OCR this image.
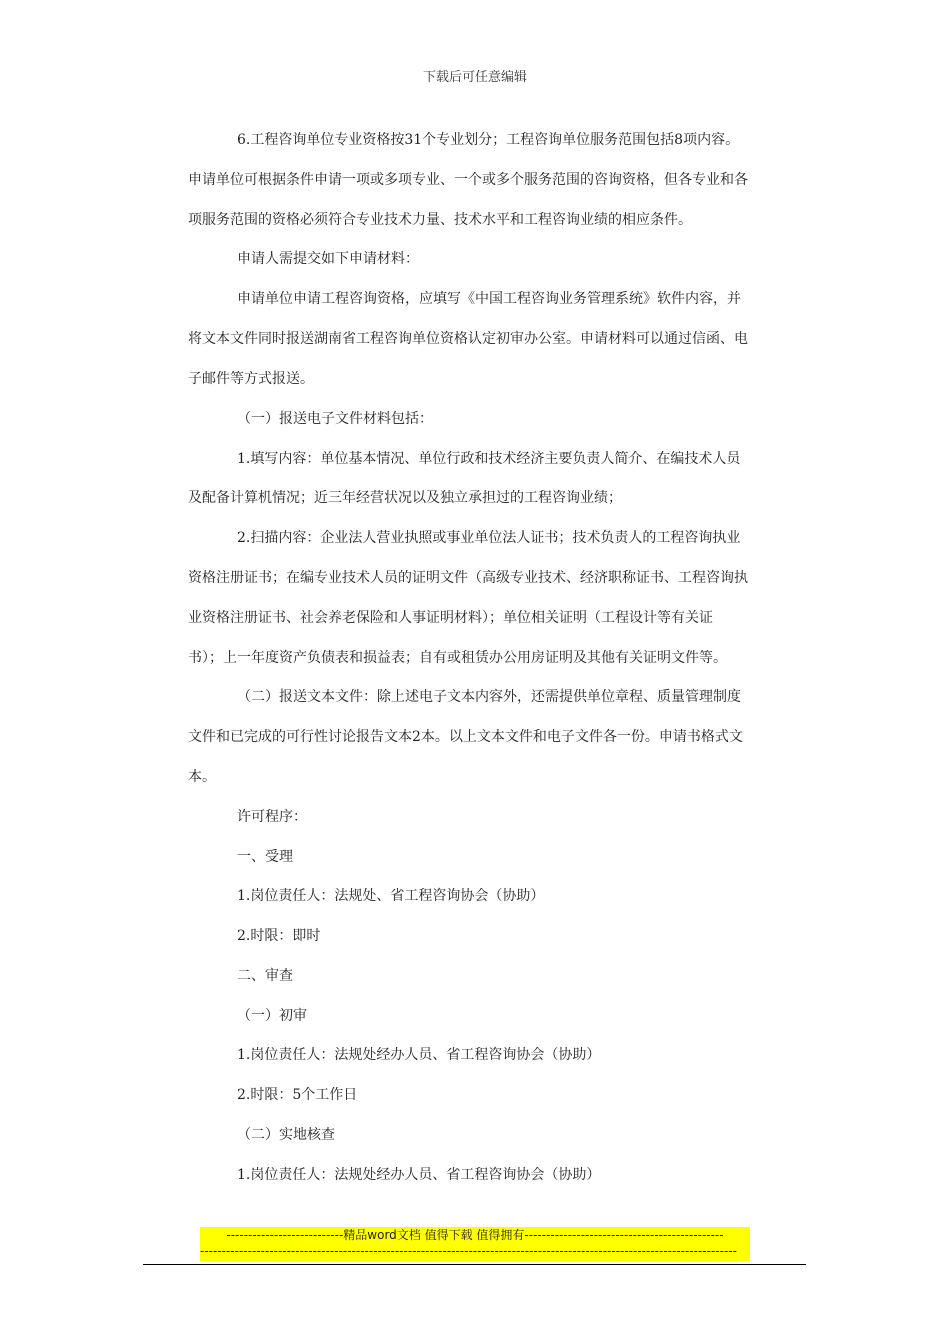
下载后可任意编辑
6.工程咨询单位专业资格按31个专业划分；工程咨询单位服务范围包括8项内容。
申请单位可根据条件申请一项或多项专业、一个或多个服务范围的咨询资格，但各专业和各
项服务范围的资格必须符合专业技术力量、技术水平和工程咨询业绩的相应条件。
申请人需提交如下申请材料：
申请单位申请工程咨询资格，应填写《中国工程咨询业务管理系统》软件内容，并
将文本文件同时报送湖南省工程咨询单位资格认定初审办公室。申请材料可以通过信函、电
子邮件等方式报送。
（一）报送电子文件材料包括：
1.填写内容：单位基本情况、单位行政和技术经济主要负责人简介、在编技术人员
及配备计算机情况；近三年经营状况以及独立承担过的工程咨询业绩；
2.扫描内容：企业法人营业执照或事业单位法人证书；技术负责人的工程咨询执业
资格注册证书；在编专业技术人员的证明文件（高级专业技术、经济职称证书、工程咨询执
业资格注册证书、社会养老保险和人事证明材料）；单位相关证明（工程设计等有关证
书）；上一年度资产负债表和损益表；自有或租赁办公用房证明及其他有关证明文件等。
（二）报送文本文件：除上述电子文本内容外，还需提供单位章程、质量管理制度
文件和已完成的可行性讨论报告文本2本。以上文本文件和电子文件各一份。申请书格式文
本。
许可程序：
一、受理
1.岗位责任人：法规处、省工程咨询协会（协助）
2.时限：即时
二、审查
（一）初审
1.岗位责任人：法规处经办人员、省工程咨询协会（协助）
2.时限：5个工作日
（二）实地核查
1.岗位责任人：法规处经办人员、省工程咨询协会（协助）
---------------------------精品word文档 值得下载 值得拥有----------------------------------------------
----------------------------------------------------------------------------------------------------------------------------
